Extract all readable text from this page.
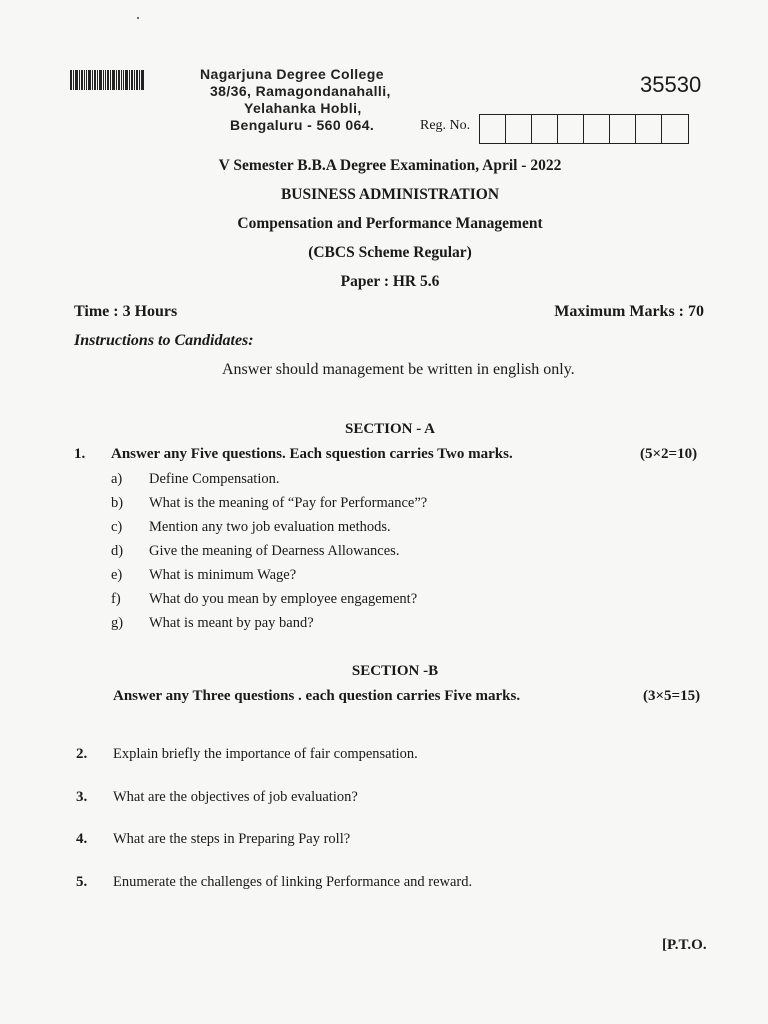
Nagarjuna Degree College
38/36, Ramagondanahalli,
Yelahanka Hobli,
Bengaluru - 560 064.
35530
Reg. No.
V Semester B.B.A Degree Examination, April - 2022
BUSINESS ADMINISTRATION
Compensation and Performance Management
(CBCS Scheme Regular)
Paper : HR 5.6
Time : 3 Hours	Maximum Marks : 70
Instructions to Candidates:
Answer should management be written in english only.
SECTION - A
1. Answer any Five questions. Each squestion carries Two marks.	(5×2=10)
a) Define Compensation.
b) What is the meaning of “Pay for Performance”?
c) Mention any two job evaluation methods.
d) Give the meaning of Dearness Allowances.
e) What is minimum Wage?
f) What do you mean by employee engagement?
g) What is meant by pay band?
SECTION -B
Answer any Three questions . each question carries Five marks.	(3×5=15)
2. Explain briefly the importance of fair compensation.
3. What are the objectives of job evaluation?
4. What are the steps in Preparing Pay roll?
5. Enumerate the challenges of linking Performance and reward.
[P.T.O.
